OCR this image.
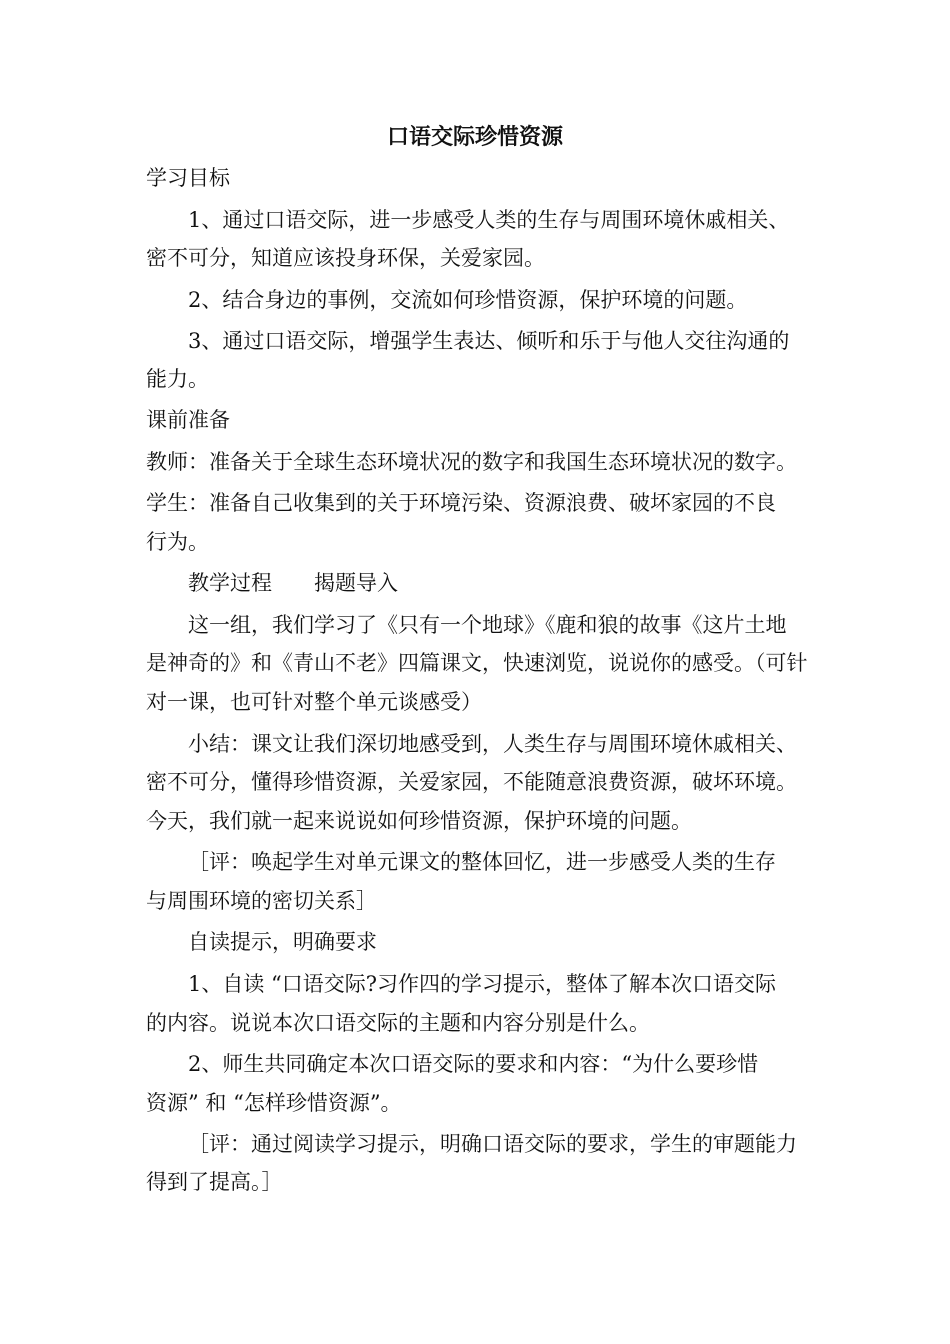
口语交际珍惜资源
学习目标
1、通过口语交际，进一步感受人类的生存与周围环境休戚相关、
密不可分，知道应该投身环保，关爱家园。
2、结合身边的事例，交流如何珍惜资源，保护环境的问题。
3、通过口语交际，增强学生表达、倾听和乐于与他人交往沟通的
能力。
课前准备
教师：准备关于全球生态环境状况的数字和我国生态环境状况的数字。
学生：准备自己收集到的关于环境污染、资源浪费、破坏家园的不良
行为。
教学过程　　揭题导入
这一组，我们学习了《只有一个地球》《鹿和狼的故事《这片土地
是神奇的》和《青山不老》四篇课文，快速浏览，说说你的感受。（可针
对一课，也可针对整个单元谈感受）
小结：课文让我们深切地感受到，人类生存与周围环境休戚相关、
密不可分，懂得珍惜资源，关爱家园，不能随意浪费资源，破坏环境。
今天，我们就一起来说说如何珍惜资源，保护环境的问题。
［评：唤起学生对单元课文的整体回忆，进一步感受人类的生存
与周围环境的密切关系］
自读提示，明确要求
1、自读 “口语交际?习作四的学习提示，整体了解本次口语交际
的内容。说说本次口语交际的主题和内容分别是什么。
2、师生共同确定本次口语交际的要求和内容：“为什么要珍惜
资源” 和 “怎样珍惜资源”。
［评：通过阅读学习提示，明确口语交际的要求，学生的审题能力
得到了提高。］
